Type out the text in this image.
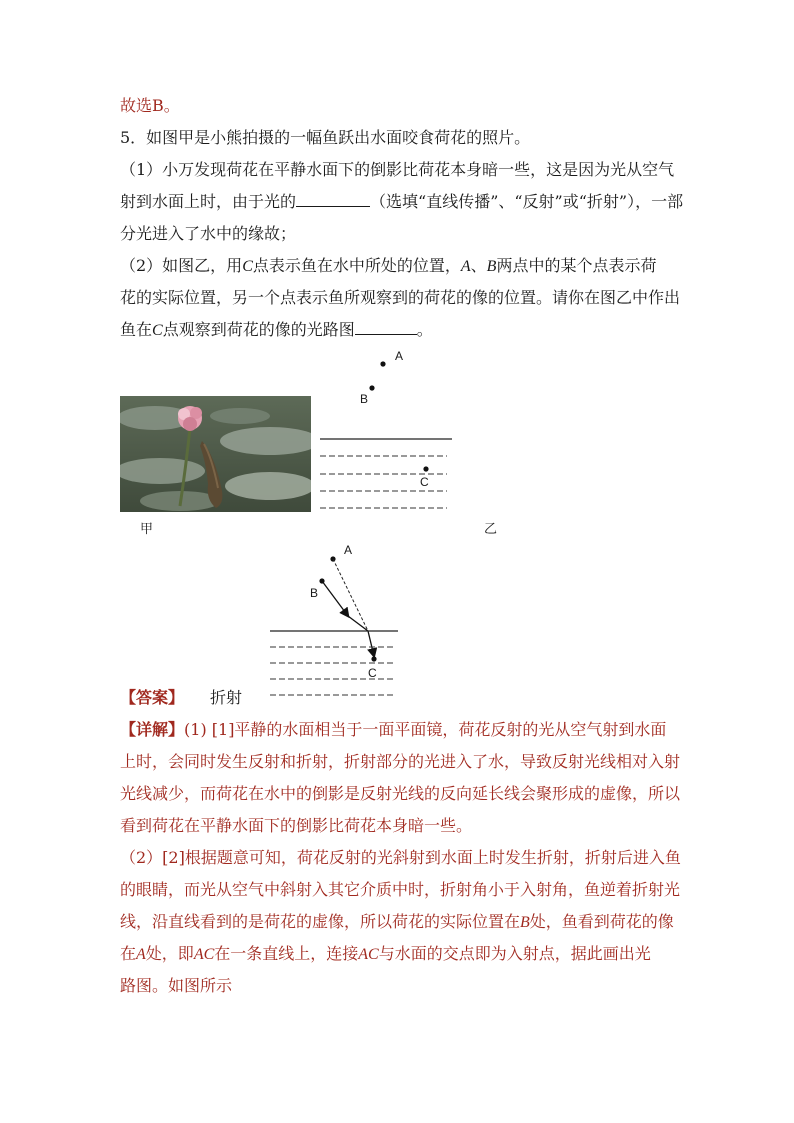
故选B。
5．如图甲是小熊拍摄的一幅鱼跃出水面咬食荷花的照片。
（1）小万发现荷花在平静水面下的倒影比荷花本身暗一些，这是因为光从空气
射到水面上时，由于光的	（选填“直线传播”、“反射”或“折射”），一部
分光进入了水中的缘故；
（2）如图乙，用C点表示鱼在水中所处的位置，A、B两点中的某个点表示荷
花的实际位置，另一个点表示鱼所观察到的荷花的像的位置。请你在图乙中作出
鱼在C点观察到荷花的像的光路图	。
甲
A
B
C
乙
A
B
C
【答案】 折射
【详解】(1) [1]平静的水面相当于一面平面镜，荷花反射的光从空气射到水面
上时，会同时发生反射和折射，折射部分的光进入了水，导致反射光线相对入射
光线减少，而荷花在水中的倒影是反射光线的反向延长线会聚形成的虚像，所以
看到荷花在平静水面下的倒影比荷花本身暗一些。
（2）[2]根据题意可知，荷花反射的光斜射到水面上时发生折射，折射后进入鱼
的眼睛，而光从空气中斜射入其它介质中时，折射角小于入射角，鱼逆着折射光
线，沿直线看到的是荷花的虚像，所以荷花的实际位置在B处，鱼看到荷花的像
在A处，即AC在一条直线上，连接AC与水面的交点即为入射点，据此画出光
路图。如图所示
